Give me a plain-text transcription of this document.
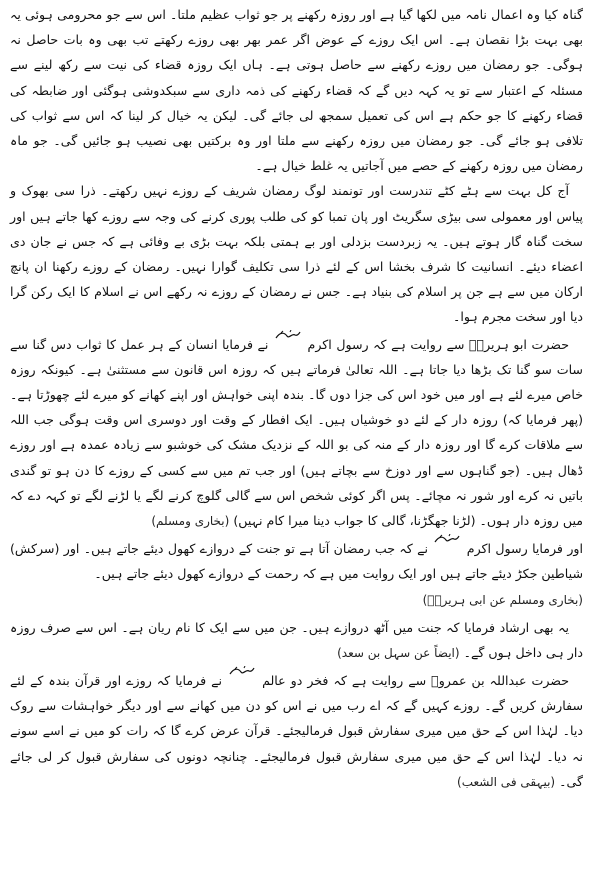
گناہ کیا وہ اعمال نامہ میں لکھا گیا ہے اور روزہ رکھنے پر جو ثواب عظیم ملتا۔ اس سے جو محرومی ہوئی یہ بھی بہت بڑا نقصان ہے۔ اس ایک روزے کے عوض اگر عمر بھر بھی روزے رکھتے تب بھی وہ بات حاصل نہ ہوگی۔ جو رمضان میں روزے رکھنے سے حاصل ہوتی ہے۔ ہاں ایک روزہ قضاء کی نیت سے رکھ لینے سے مسئلہ کے اعتبار سے تو یہ کہہ دیں گے کہ قضاء رکھنے کی ذمہ داری سے سبکدوشی ہوگئی اور ضابطہ کی قضاء رکھنے کا جو حکم ہے اس کی تعمیل سمجھ لی جائے گی۔ لیکن یہ خیال کر لینا کہ اس سے ثواب کی تلافی ہو جائے گی۔ جو رمضان میں روزہ رکھنے سے ملتا اور وہ برکتیں بھی نصیب ہو جائیں گی۔ جو ماہ رمضان میں روزہ رکھنے کے حصے میں آجاتیں یہ غلط خیال ہے۔

آج کل بہت سے ہٹے کٹے تندرست اور تونمند لوگ رمضان شریف کے روزے نہیں رکھتے۔ ذرا سی بھوک و پیاس اور معمولی سی بیڑی سگریٹ اور پان تمبا کو کی طلب پوری کرنے کی وجہ سے روزے کھا جاتے ہیں اور سخت گناہ گار ہوتے ہیں۔ یہ زبردست بزدلی اور بے ہمتی بلکہ بہت بڑی بے وفائی ہے کہ جس نے جان دی اعضاء دیئے۔ انسانیت کا شرف بخشا اس کے لئے ذرا سی تکلیف گوارا نہیں۔ رمضان کے روزے رکھنا ان پانچ ارکان میں سے ہے جن پر اسلام کی بنیاد ہے۔ جس نے رمضان کے روزے نہ رکھے اس نے اسلام کا ایک رکن گرا دیا اور سخت مجرم ہوا۔

حضرت ابو ہریرہؓ سے روایت ہے کہ رسول اکرم
نے فرمایا انسان کے ہر عمل کا ثواب دس گنا سے سات سو گنا تک بڑھا دیا جاتا ہے۔ اللہ تعالیٰ فرماتے ہیں کہ روزہ اس قانون سے مستثنیٰ ہے۔ کیونکہ روزہ خاص میرے لئے ہے اور میں خود اس کی جزا دوں گا۔ بندہ اپنی خواہش اور اپنے کھانے کو میرے لئے چھوڑتا ہے۔ (پھر فرمایا کہ) روزہ دار کے لئے دو خوشیاں ہیں۔ ایک افطار کے وقت اور دوسری اس وقت ہوگی جب اللہ سے ملاقات کرے گا اور روزہ دار کے منہ کی بو اللہ کے نزدیک مشک کی خوشبو سے زیادہ عمدہ ہے اور روزے ڈھال ہیں۔ (جو گناہوں سے اور دوزخ سے بچاتے ہیں) اور جب تم میں سے کسی کے روزے کا دن ہو تو گندی باتیں نہ کرے اور شور نہ مچائے۔ پس اگر کوئی شخص اس سے گالی گلوچ کرنے لگے یا لڑنے لگے تو کہہ دے کہ میں روزہ دار ہوں۔ (لڑنا جھگڑنا، گالی کا جواب دینا میرا کام نہیں) (بخاری ومسلم)

اور فرمایا رسول اکرم
نے کہ جب رمضان آتا ہے تو جنت کے دروازے کھول دیئے جاتے ہیں۔ اور (سرکش) شیاطین جکڑ دیئے جاتے ہیں اور ایک روایت میں ہے کہ رحمت کے دروازے کھول دیئے جاتے ہیں۔

(بخاری ومسلم عن ابی ہریرہؓ)

یہ بھی ارشاد فرمایا کہ جنت میں آٹھ دروازے ہیں۔ جن میں سے ایک کا نام ریان ہے۔ اس سے صرف روزہ دار ہی داخل ہوں گے۔ (ایضاً عن سہل بن سعد)

حضرت عبداللہ بن عمروؓ سے روایت ہے کہ فخر دو عالم
نے فرمایا کہ روزے اور قرآن بندہ کے لئے سفارش کریں گے۔ روزے کہیں گے کہ اے رب میں نے اس کو دن میں کھانے سے اور دیگر خواہشات سے روک دیا۔ لہٰذا اس کے حق میں میری سفارش قبول فرمالیجئے۔ قرآن عرض کرے گا کہ رات کو میں نے اسے سونے نہ دیا۔ لہٰذا اس کے حق میں میری سفارش قبول فرمالیجئے۔ چنانچہ دونوں کی سفارش قبول کر لی جائے گی۔ (بیہقی فی الشعب)
